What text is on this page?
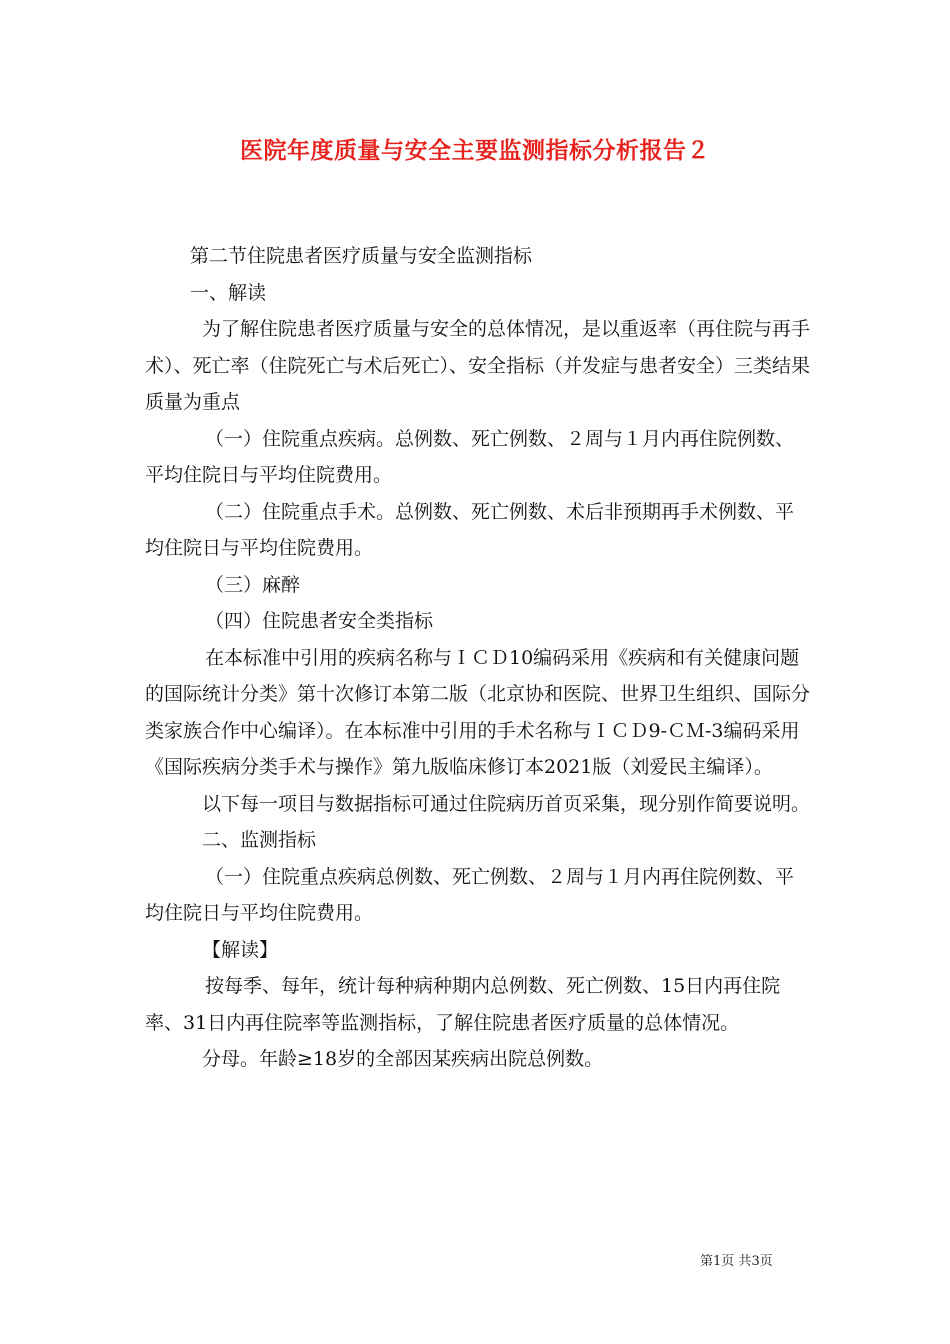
医院年度质量与安全主要监测指标分析报告２

第二节住院患者医疗质量与安全监测指标

一、解读

为了解住院患者医疗质量与安全的总体情况，是以重返率（再住院与再手术）、死亡率（住院死亡与术后死亡）、安全指标（并发症与患者安全）三类结果质量为重点

（一）住院重点疾病。总例数、死亡例数、２周与１月内再住院例数、平均住院日与平均住院费用。

（二）住院重点手术。总例数、死亡例数、术后非预期再手术例数、平均住院日与平均住院费用。

（三）麻醉

（四）住院患者安全类指标

在本标准中引用的疾病名称与ＩＣＤ10编码采用《疾病和有关健康问题的国际统计分类》第十次修订本第二版（北京协和医院、世界卫生组织、国际分类家族合作中心编译）。在本标准中引用的手术名称与ＩＣＤ9-ＣＭ-3编码采用《国际疾病分类手术与操作》第九版临床修订本2021版（刘爱民主编译）。

以下每一项目与数据指标可通过住院病历首页采集，现分别作简要说明。

二、监测指标

（一）住院重点疾病总例数、死亡例数、２周与１月内再住院例数、平均住院日与平均住院费用。

【解读】

按每季、每年，统计每种病种期内总例数、死亡例数、15日内再住院率、31日内再住院率等监测指标，了解住院患者医疗质量的总体情况。

分母。年龄≥18岁的全部因某疾病出院总例数。

第1页 共3页
